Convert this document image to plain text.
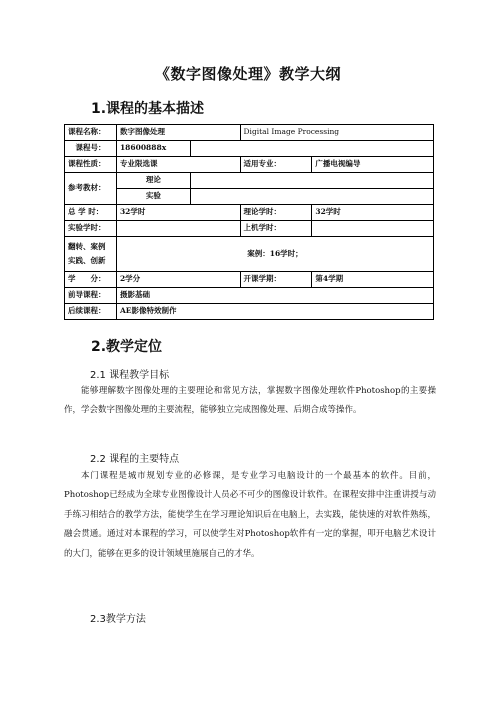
《数字图像处理》教学大纲
1.课程的基本描述
课程名称：	数字图像处理		Digital Image Processing	
课程号：	18600888x			
课程性质：	专业限选课		适用专业：	广播电视编导
参考教材：	理论			
	实验			
总 学 时：	32学时		理论学时：	32学时
实验学时：			上机学时：	

翻转、案例
实践、创新	案例：16学时；			
学　　分：	2学分		开课学期：	第4学期
前导课程：	摄影基础			
后续课程：	AE影像特效制作			
2.教学定位
2.1 课程教学目标

能够理解数字图像处理的主要理论和常见方法，掌握数字图像处理软件Photoshop的主要操作，学会数字图像处理的主要流程，能够独立完成图像处理、后期合成等操作。

2.2 课程的主要特点

本门课程是城市规划专业的必修课，是专业学习电脑设计的一个最基本的软件。目前，Photoshop已经成为全球专业图像设计人员必不可少的图像设计软件。在课程安排中注重讲授与动手练习相结合的教学方法，能使学生在学习理论知识后在电脑上，去实践，能快速的对软件熟练，融会贯通。通过对本课程的学习，可以使学生对Photoshop软件有一定的掌握，叩开电脑艺术设计的大门，能够在更多的设计领域里施展自己的才华。

2.3教学方法
